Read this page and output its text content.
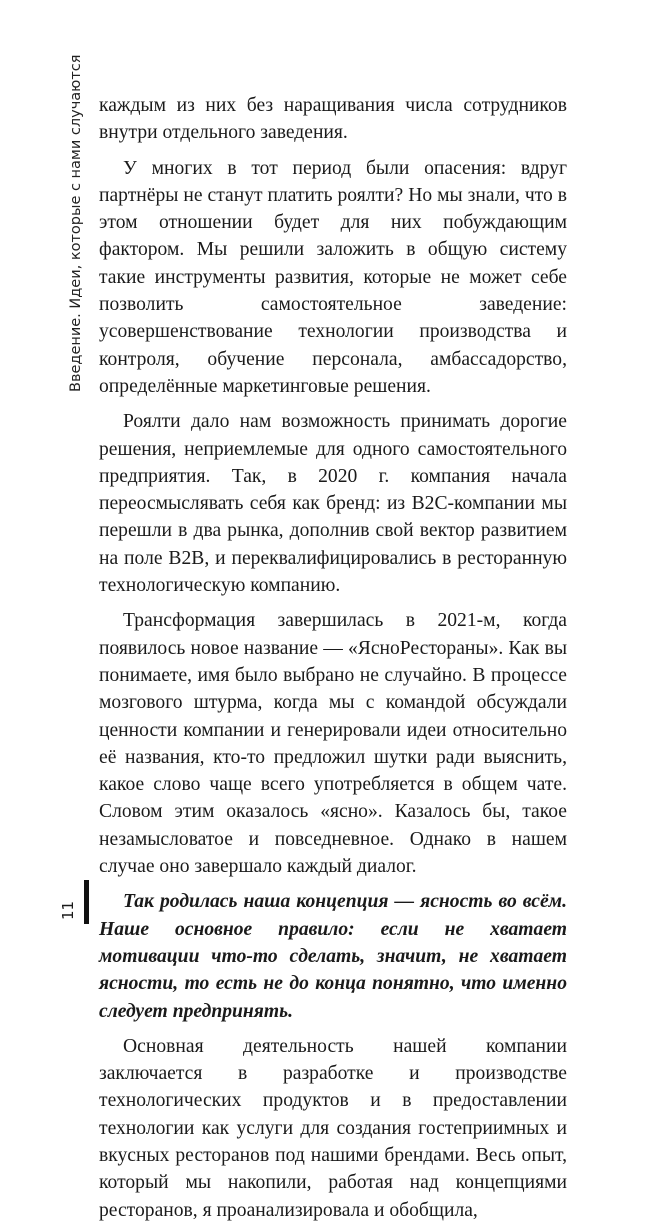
Введение. Идеи, которые с нами случаются
11

каждым из них без наращивания числа сотрудников внутри отдельного заведения.

У многих в тот период были опасения: вдруг партнёры не станут платить роялти? Но мы знали, что в этом отношении будет для них побуждающим фактором. Мы решили заложить в общую систему такие инструменты развития, которые не может себе позволить самостоятельное заведение: усовершенствование технологии производства и контроля, обучение персонала, амбассадорство, определённые маркетинговые решения.

Роялти дало нам возможность принимать дорогие решения, неприемлемые для одного самостоятельного предприятия. Так, в 2020 г. компания начала переосмыслявать себя как бренд: из B2C-компании мы перешли в два рынка, дополнив свой вектор развитием на поле B2B, и переквалифицировались в ресторанную технологическую компанию.

Трансформация завершилась в 2021-м, когда появилось новое название — «ЯсноРестораны». Как вы понимаете, имя было выбрано не случайно. В процессе мозгового штурма, когда мы с командой обсуждали ценности компании и генерировали идеи относительно её названия, кто-то предложил шутки ради выяснить, какое слово чаще всего употребляется в общем чате. Словом этим оказалось «ясно». Казалось бы, такое незамысловатое и повседневное. Однако в нашем случае оно завершало каждый диалог.

Так родилась наша концепция — ясность во всём. Наше основное правило: если не хватает мотивации что-то сделать, значит, не хватает ясности, то есть не до конца понятно, что именно следует предпринять.

Основная деятельность нашей компании заключается в разработке и производстве технологических продуктов и в предоставлении технологии как услуги для создания гостеприимных и вкусных ресторанов под нашими брендами. Весь опыт, который мы накопили, работая над концепциями ресторанов, я проанализировала и обобщила,
